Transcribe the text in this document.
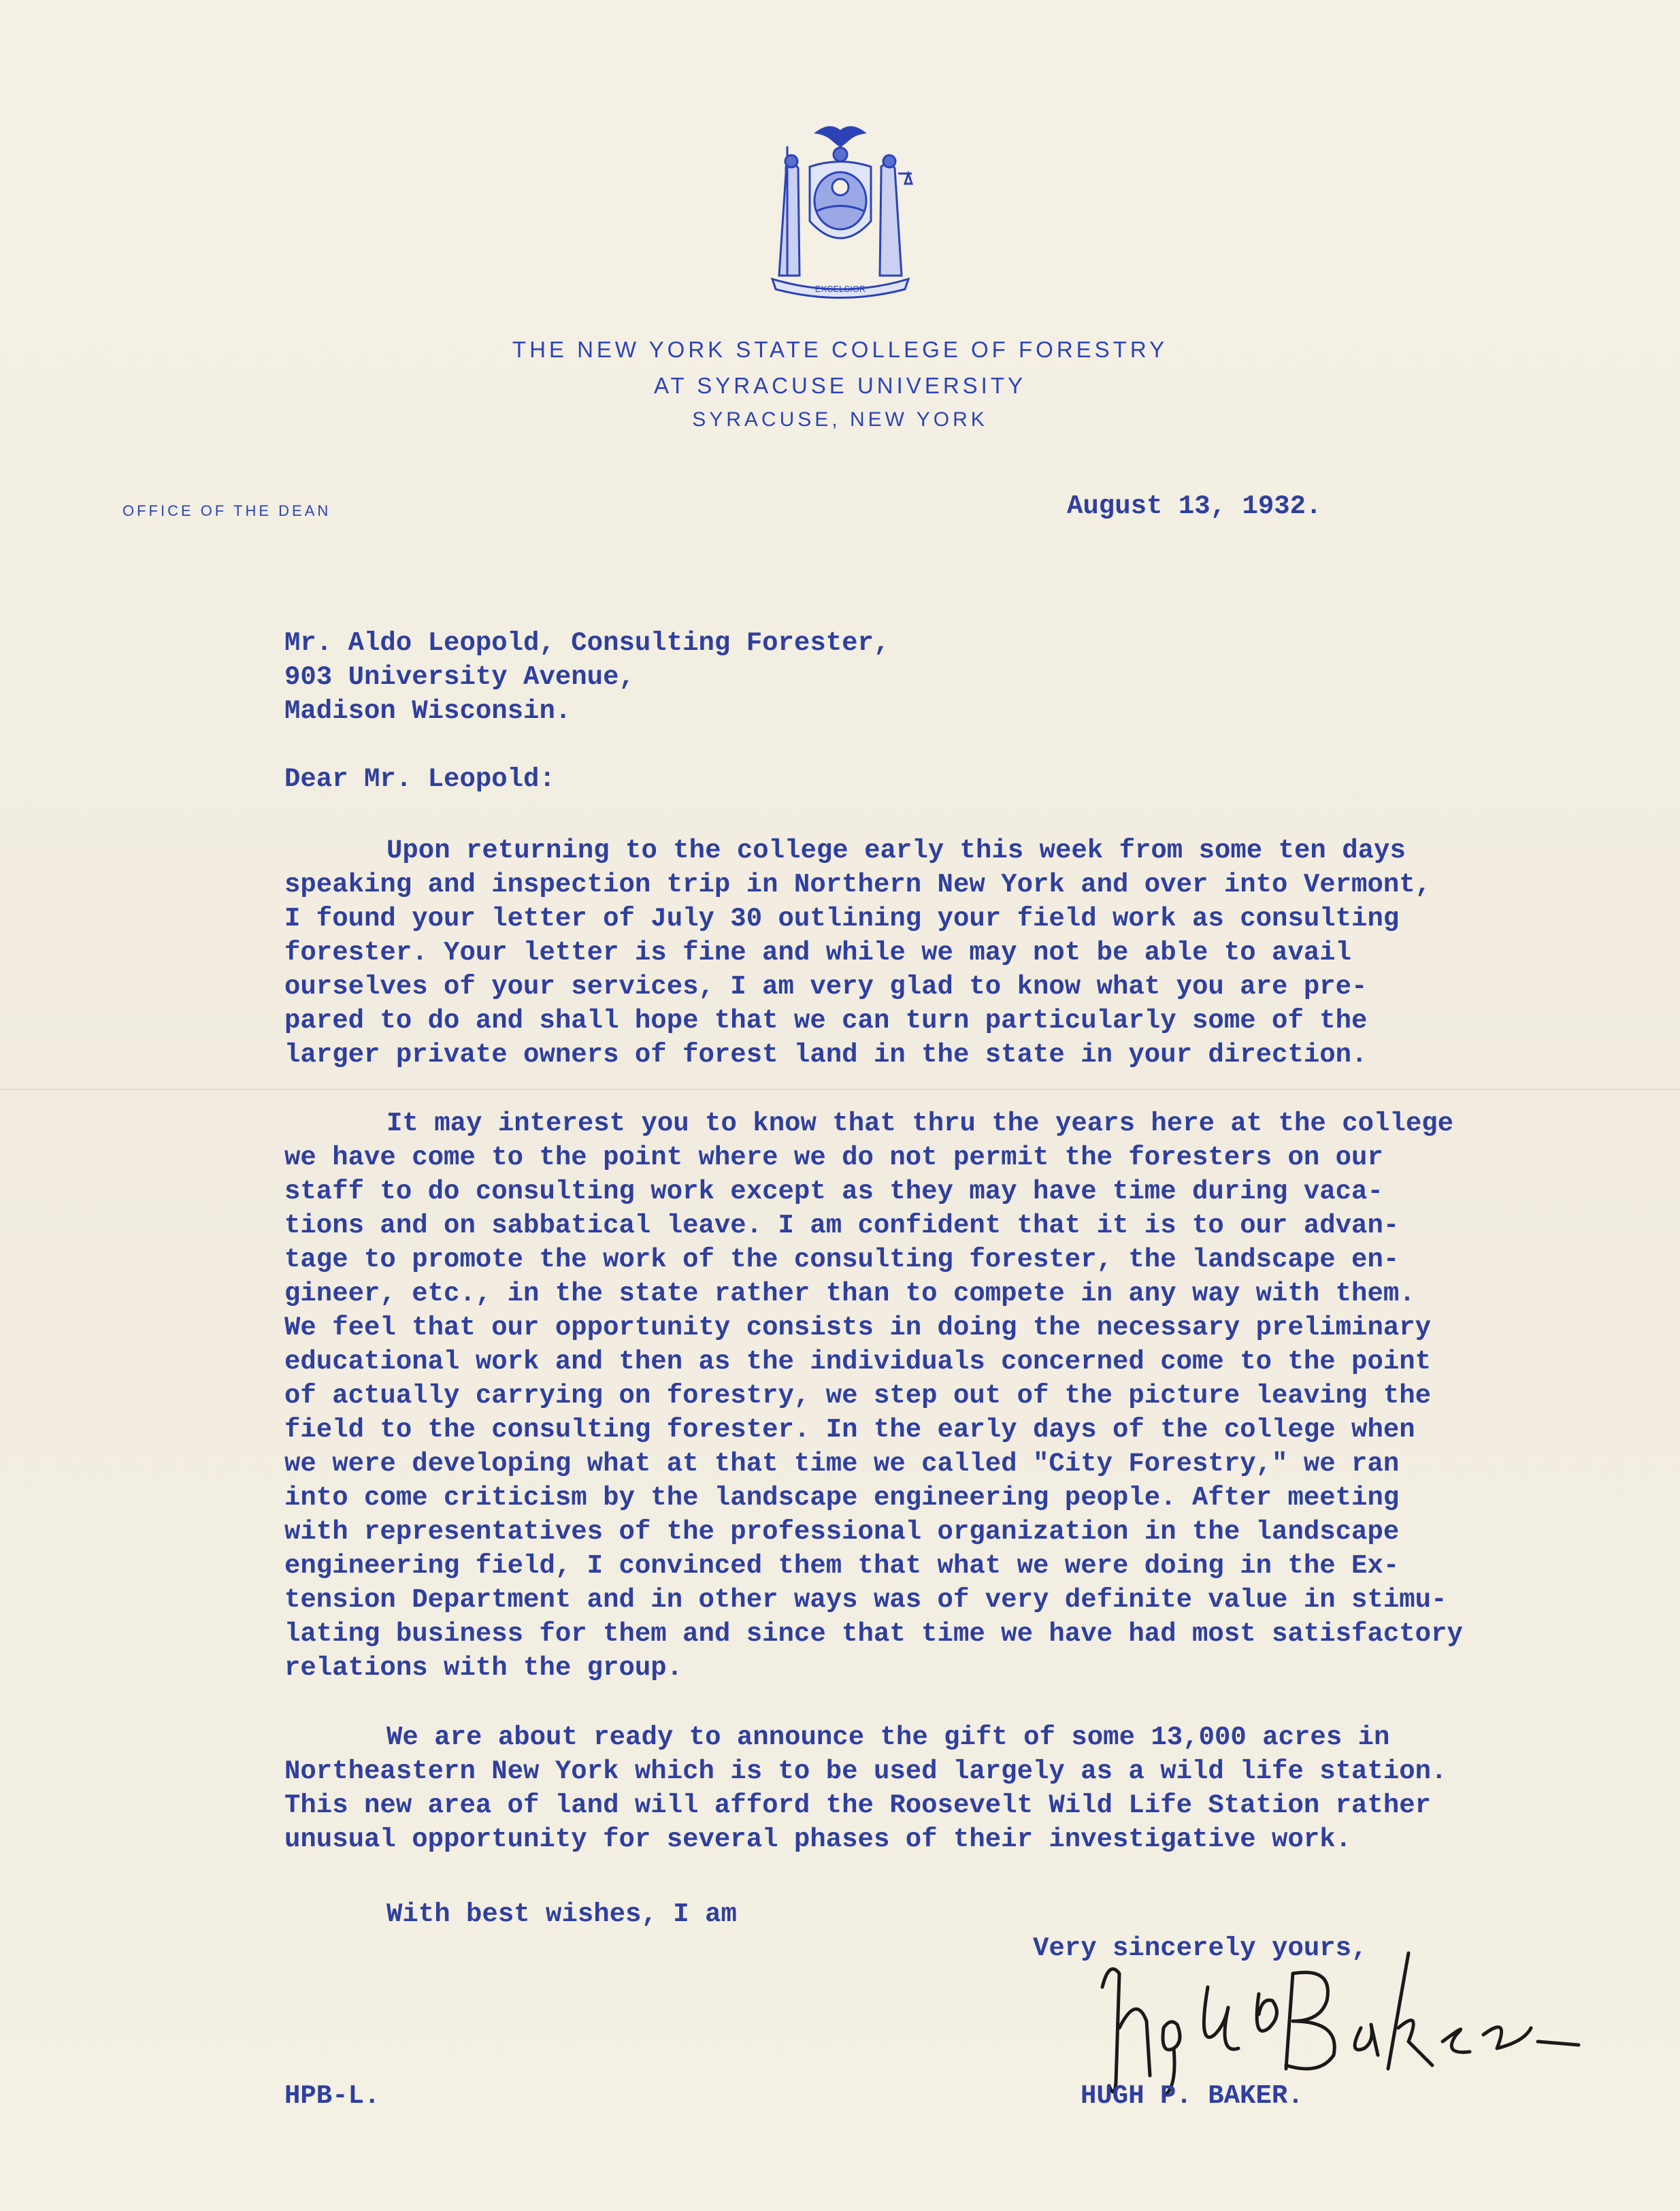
EXCELSIOR
THE NEW YORK STATE COLLEGE OF FORESTRY
AT SYRACUSE UNIVERSITY
SYRACUSE, NEW YORK
OFFICE OF THE DEAN	August 13, 1932.
Mr. Aldo Leopold, Consulting Forester,
903 University Avenue,
Madison Wisconsin.
Dear Mr. Leopold:
Upon returning to the college early this week from some ten days
speaking and inspection trip in Northern New York and over into Vermont,
I found your letter of July 30 outlining your field work as consulting
forester. Your letter is fine and while we may not be able to avail
ourselves of your services, I am very glad to know what you are pre-
pared to do and shall hope that we can turn particularly some of the
larger private owners of forest land in the state in your direction.
It may interest you to know that thru the years here at the college
we have come to the point where we do not permit the foresters on our
staff to do consulting work except as they may have time during vaca-
tions and on sabbatical leave. I am confident that it is to our advan-
tage to promote the work of the consulting forester, the landscape en-
gineer, etc., in the state rather than to compete in any way with them.
We feel that our opportunity consists in doing the necessary preliminary
educational work and then as the individuals concerned come to the point
of actually carrying on forestry, we step out of the picture leaving the
field to the consulting forester. In the early days of the college when
we were developing what at that time we called "City Forestry," we ran
into come criticism by the landscape engineering people. After meeting
with representatives of the professional organization in the landscape
engineering field, I convinced them that what we were doing in the Ex-
tension Department and in other ways was of very definite value in stimu-
lating business for them and since that time we have had most satisfactory
relations with the group.
We are about ready to announce the gift of some 13,000 acres in
Northeastern New York which is to be used largely as a wild life station.
This new area of land will afford the Roosevelt Wild Life Station rather
unusual opportunity for several phases of their investigative work.
With best wishes, I am
Very sincerely yours,
HPB-L.	HUGH P. BAKER.
